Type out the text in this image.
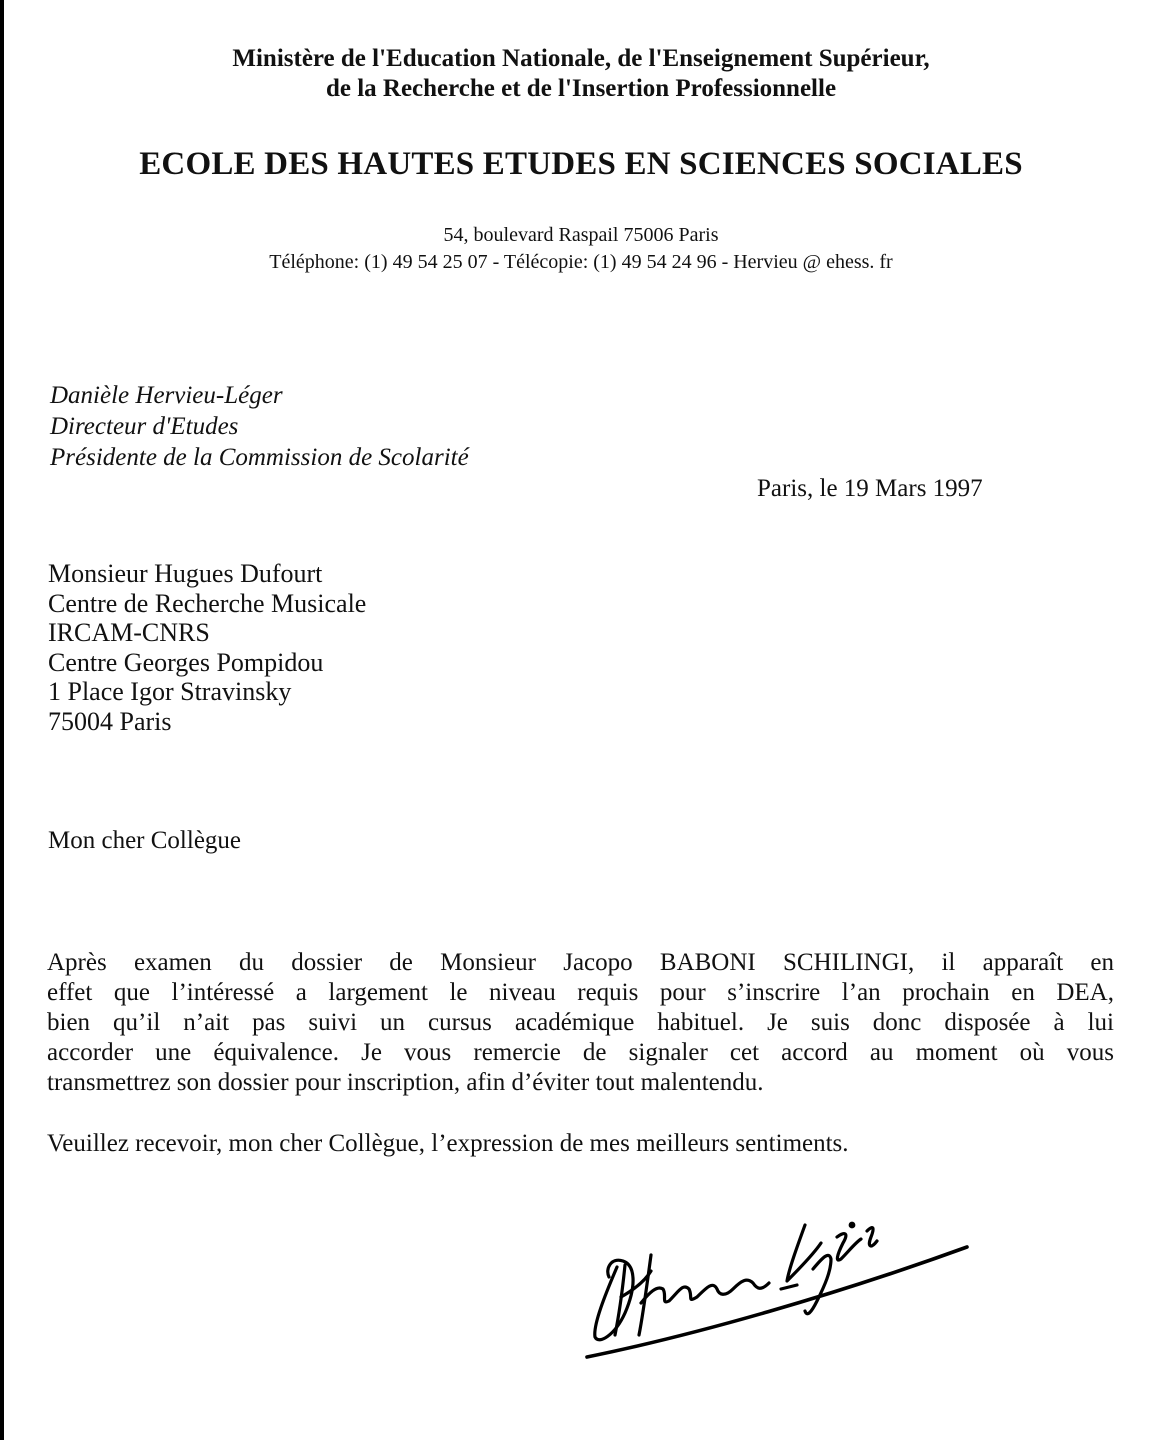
Ministère de l'Education Nationale, de l'Enseignement Supérieur,
de la Recherche et de l'Insertion Professionnelle
ECOLE DES HAUTES ETUDES EN SCIENCES SOCIALES
54, boulevard Raspail 75006 Paris
Téléphone: (1) 49 54 25 07 - Télécopie: (1) 49 54 24 96 - Hervieu @ ehess. fr
Danièle Hervieu-Léger
Directeur d'Etudes
Présidente de la Commission de Scolarité
Paris, le 19 Mars 1997
Monsieur Hugues Dufourt
Centre de Recherche Musicale
IRCAM-CNRS
Centre Georges Pompidou
1 Place Igor Stravinsky
75004 Paris
Mon cher Collègue
Après examen du dossier de Monsieur Jacopo BABONI SCHILINGI, il apparaît en
effet que l’intéressé a largement le niveau requis pour s’inscrire l’an prochain en DEA,
bien qu’il n’ait pas suivi un cursus académique habituel. Je suis donc disposée à lui
accorder une équivalence. Je vous remercie de signaler cet accord au moment où vous
transmettrez son dossier pour inscription, afin d’éviter tout malentendu.
Veuillez recevoir, mon cher Collègue, l’expression de mes meilleurs sentiments.
